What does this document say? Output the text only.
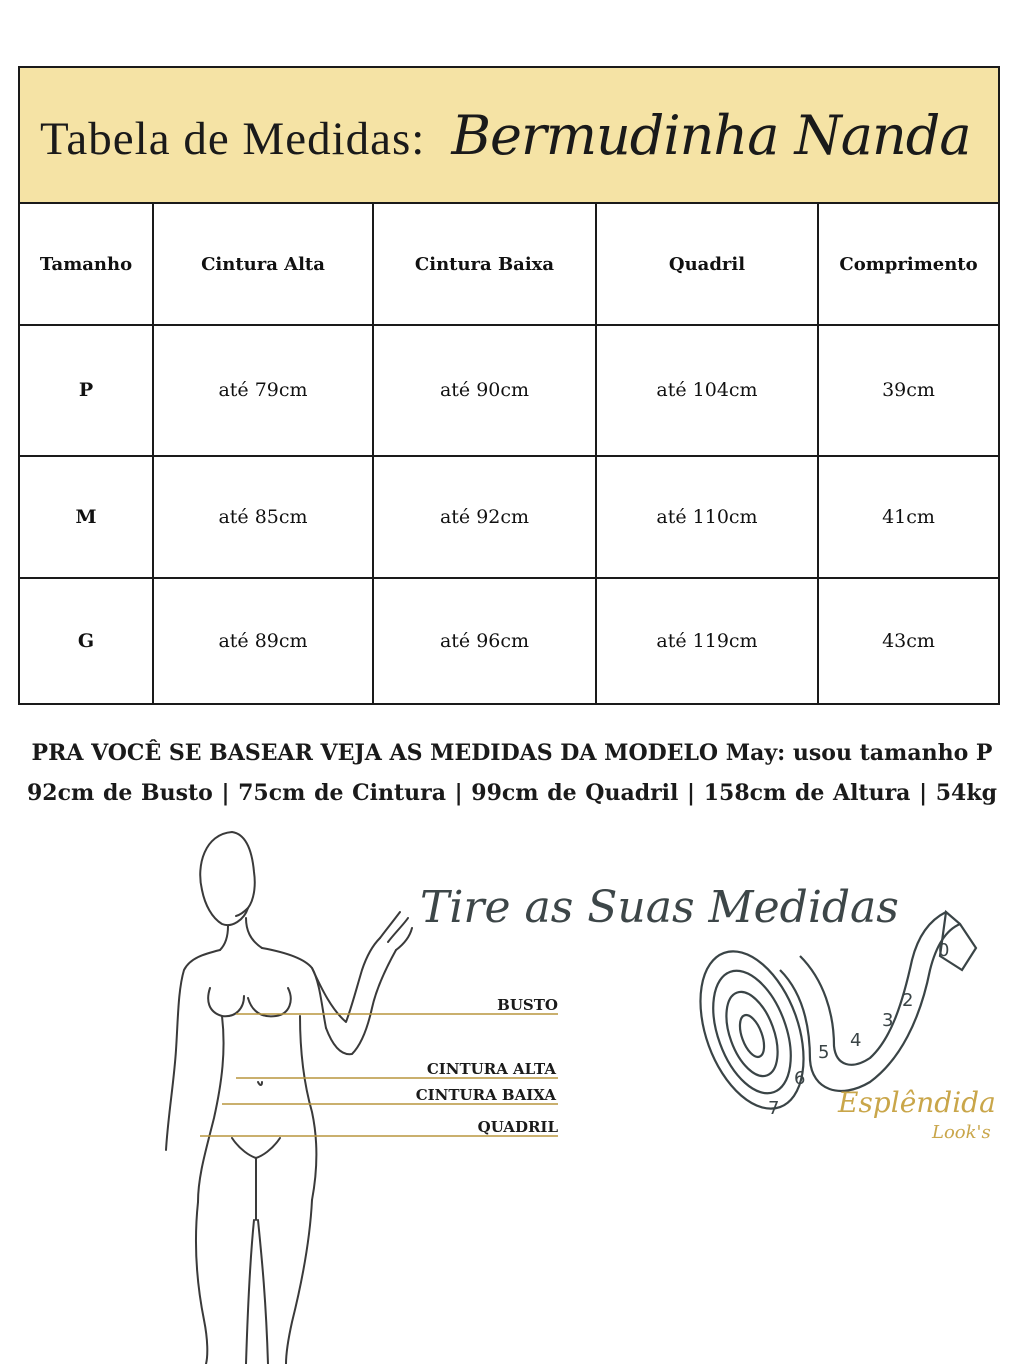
Tabela de Medidas: Bermudinha Nanda				

Tamanho	Cintura Alta	Cintura Baixa	Quadril	Comprimento
P	até 79cm	até 90cm	até 104cm	39cm
M	até 85cm	até 92cm	até 110cm	41cm
G	até 89cm	até 96cm	até 119cm	43cm
PRA VOCÊ SE BASEAR VEJA AS MEDIDAS DA MODELO May: usou tamanho P
92cm de Busto | 75cm de Cintura | 99cm de Quadril | 158cm de Altura | 54kg
0
2
3
4
5
6
7
BUSTO
CINTURA ALTA
CINTURA BAIXA
QUADRIL
Tire as Suas Medidas
Esplêndida
Look's
